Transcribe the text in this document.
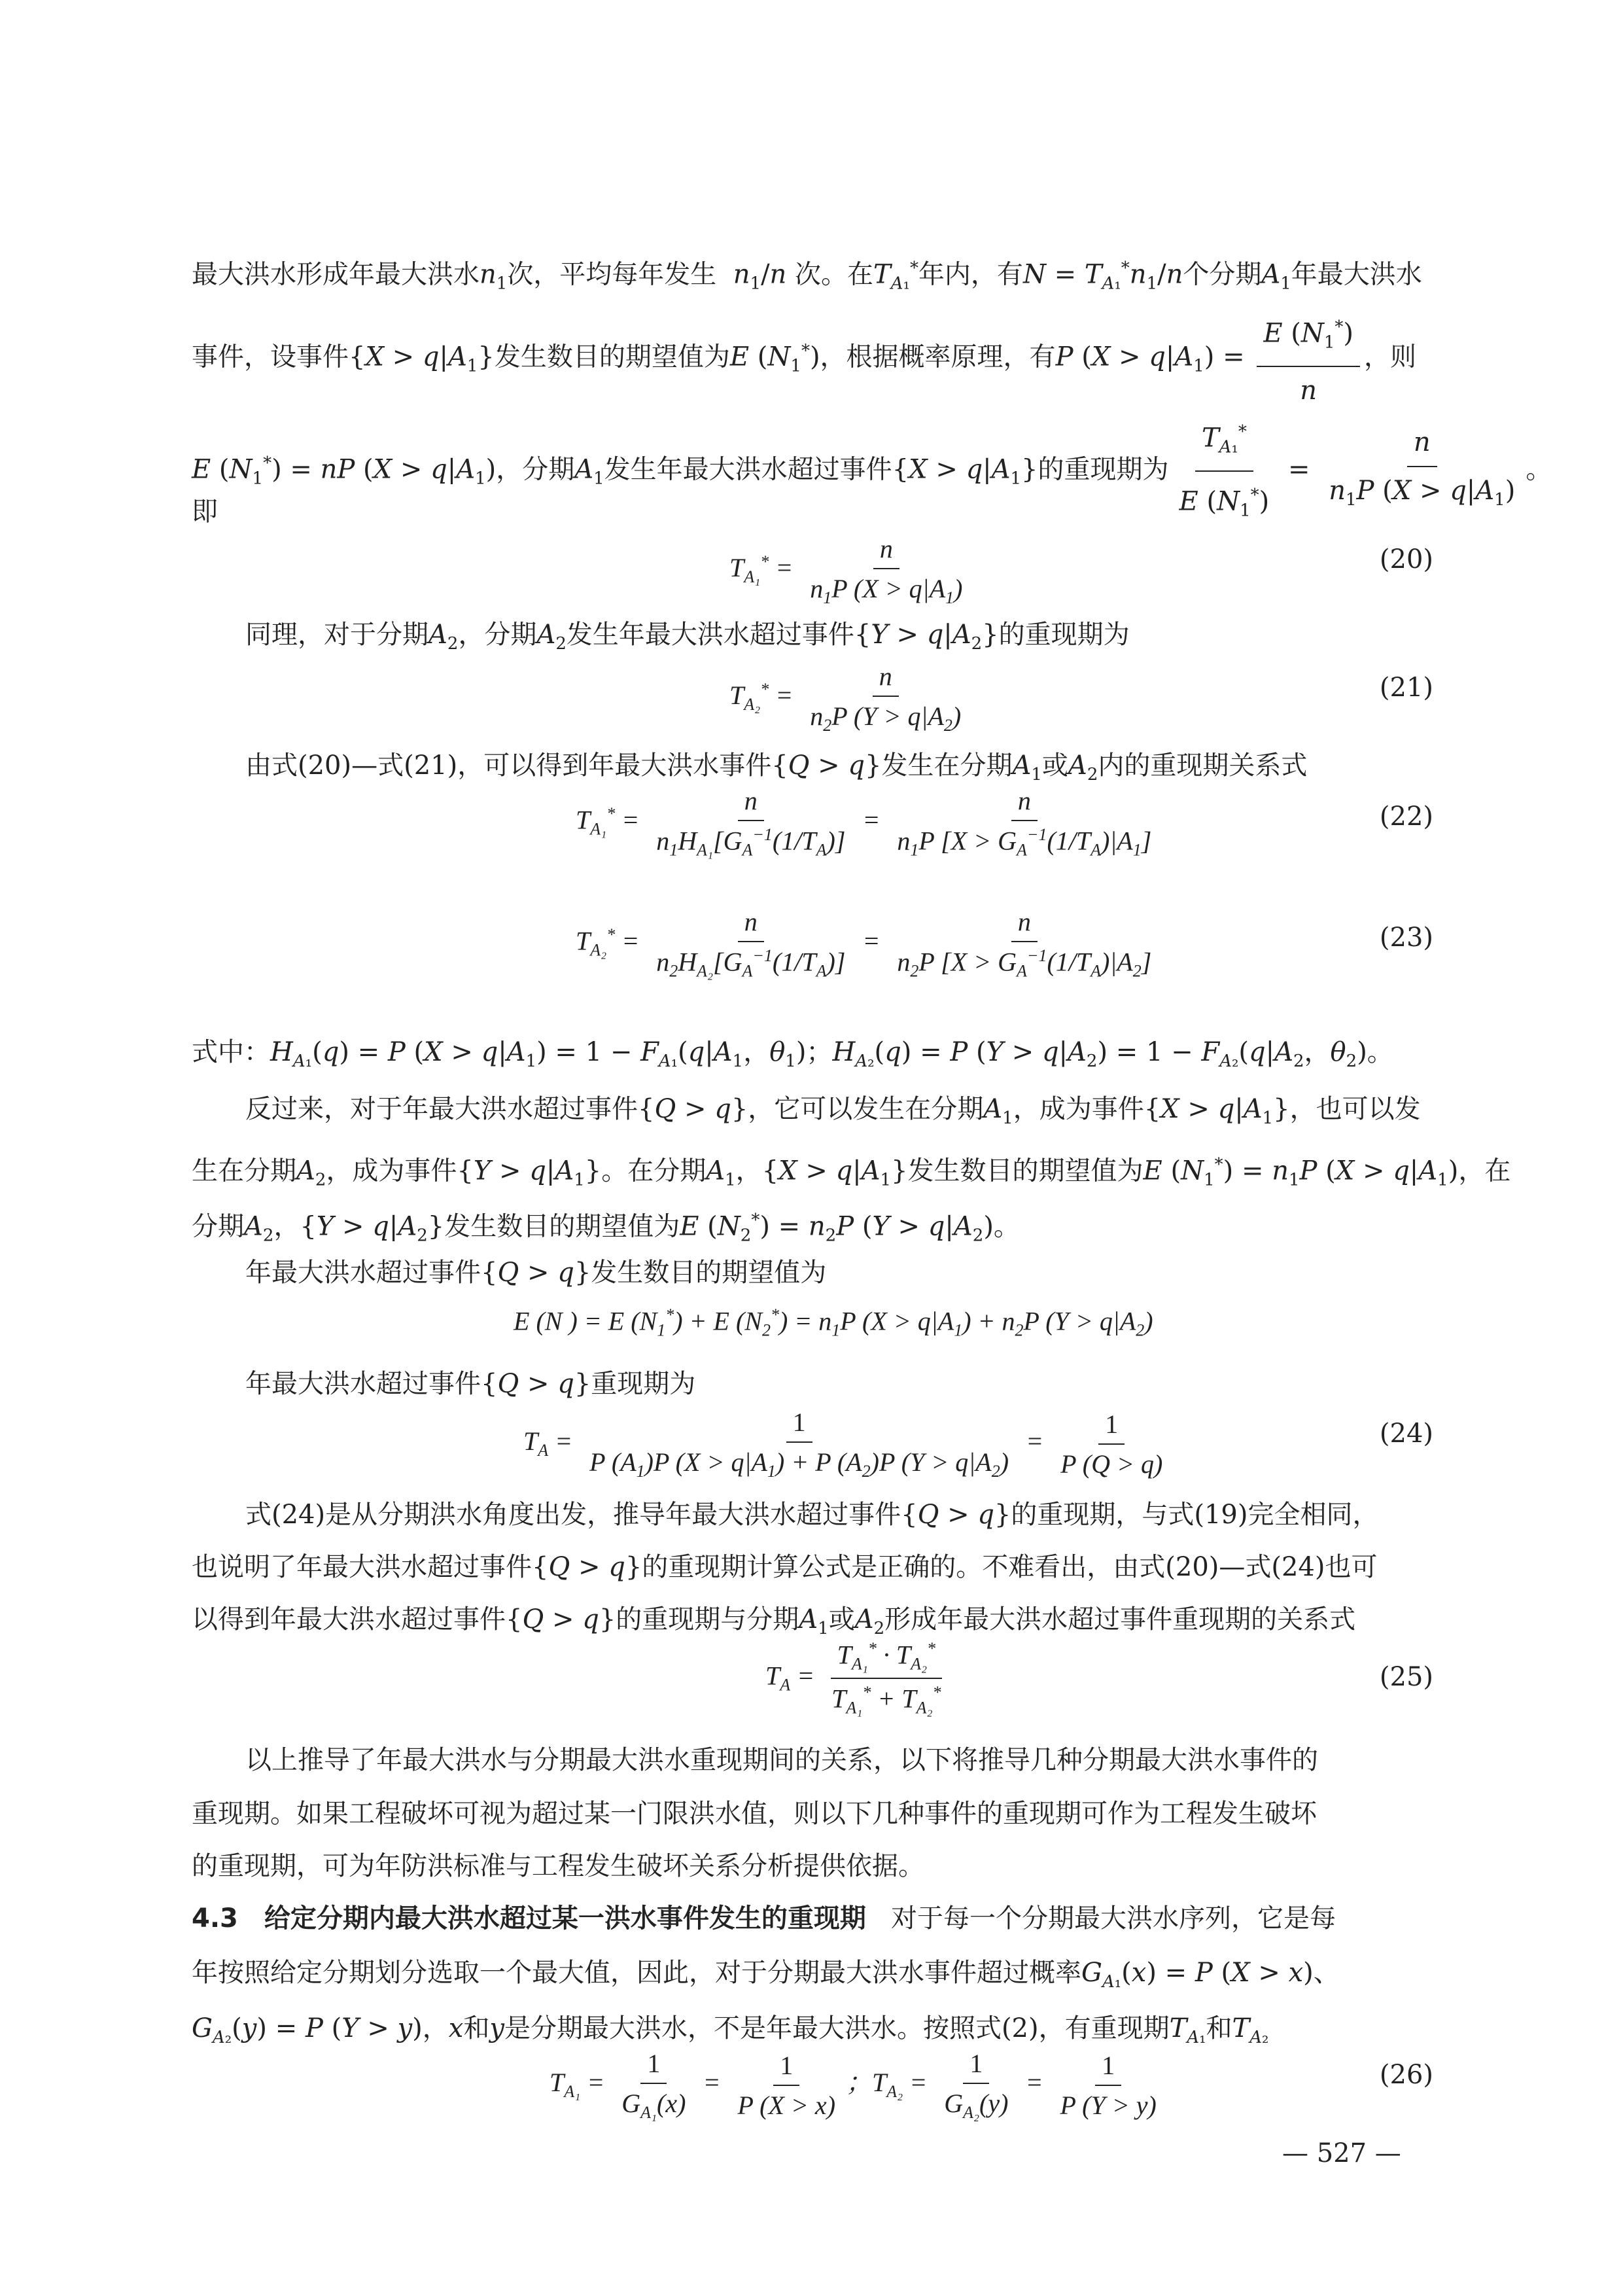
最大洪水形成年最大洪水$n_1$次，平均每年发生  $n_1/n$ 次。在$T_{A_1}^*$年内，有$N = T_{A_1}^*n_1/n$个分期$A_1$年最大洪水
事件，设事件$\{X > q|A_1\}$发生数目的期望值为E $(N_1^*)$，根据概率原理，有P $(X > q|A_1) = \frac{E (N_1^*)}{n}$ ，则
E $(N_1^*)$ = nP $(X > q|A_1)$，分期$A_1$发生年最大洪水超过事件$\{X > q|A_1\}$的重现期为 $\frac{T_{A_1}^*}{E (N_1^*)} = \frac{n}{n_1P (X > q|A_1)}$ 。
即
$T_{A_1}^* = \frac{n}{n_1P (X > q|A_1)}$	(20)
同理，对于分期$A_2$，分期$A_2$发生年最大洪水超过事件$\{Y > q|A_2\}$的重现期为
$T_{A_2}^* = \frac{n}{n_2P (Y > q|A_2)}$	(21)
由式(20)—式(21)，可以得到年最大洪水事件{Q > q}发生在分期$A_1$或$A_2$内的重现期关系式
$T_{A_1}^* = \frac{n}{n_1H_{A_1}[G_A^{-1}(1/T_A)]} = \frac{n}{n_1P [X > G_A^{-1}(1/T_A)|A_1]}$	(22)
$T_{A_2}^* = \frac{n}{n_2H_{A_2}[G_A^{-1}(1/T_A)]} = \frac{n}{n_2P [X > G_A^{-1}(1/T_A)|A_2]}$	(23)
式中：$H_{A_1}(q) = P$ $(X > q|A_1) = 1 - F_{A_1}(q|A_1$，$\theta_1$)；$H_{A_2}(q) = P$ $(Y > q|A_2) = 1 - F_{A_2}(q|A_2$，$\theta_2$)。
反过来，对于年最大洪水超过事件{Q > q}，它可以发生在分期$A_1$，成为事件$\{X > q|A_1\}$，也可以发
生在分期$A_2$，成为事件$\{Y > q|A_1\}$。在分期$A_1$，$\{X > q|A_1\}$发生数目的期望值为E $(N_1^*) = n_1P$ $(X > q|A_1)$，在
分期$A_2$，$\{Y > q|A_2\}$发生数目的期望值为E $(N_2^*) = n_2P$ $(Y > q|A_2)$。
年最大洪水超过事件{Q > q}发生数目的期望值为
E (N ) = E $(N_1^*) + E$ $(N_2^*) = n_1P$ $(X > q|A_1) + n_2P$ $(Y > q|A_2)$
年最大洪水超过事件{Q > q}重现期为
$T_A = \frac{1}{P (A_1)P (X > q|A_1) + P (A_2)P (Y > q|A_2)} = \frac{1}{P (Q > q)}$	(24)
式(24)是从分期洪水角度出发，推导年最大洪水超过事件{Q > q}的重现期，与式(19)完全相同，
也说明了年最大洪水超过事件{Q > q}的重现期计算公式是正确的。不难看出，由式(20)—式(24)也可
以得到年最大洪水超过事件{Q > q}的重现期与分期$A_1$或$A_2$形成年最大洪水超过事件重现期的关系式
$T_A = \frac{T_{A_1}^* \cdot T_{A_2}^*}{T_{A_1}^* + T_{A_2}^*}$	(25)
以上推导了年最大洪水与分期最大洪水重现期间的关系，以下将推导几种分期最大洪水事件的
重现期。如果工程破坏可视为超过某一门限洪水值，则以下几种事件的重现期可作为工程发生破坏
的重现期，可为年防洪标准与工程发生破坏关系分析提供依据。
4.3　给定分期内最大洪水超过某一洪水事件发生的重现期 对于每一个分期最大洪水序列，它是每
年按照给定分期划分选取一个最大值，因此，对于分期最大洪水事件超过概率$G_{A_1}(x) = P$ (X > x)、
$G_{A_2}(y) = P$ (Y > y)，x和y是分期最大洪水，不是年最大洪水。按照式(2)，有重现期$T_{A_1}$和$T_{A_2}$
$T_{A_1} = \frac{1}{G_{A_1}(x)} = \frac{1}{P (X > x)}$ ；$T_{A_2} = \frac{1}{G_{A_2}(y)} = \frac{1}{P (Y > y)}$	(26)
— 527 —
